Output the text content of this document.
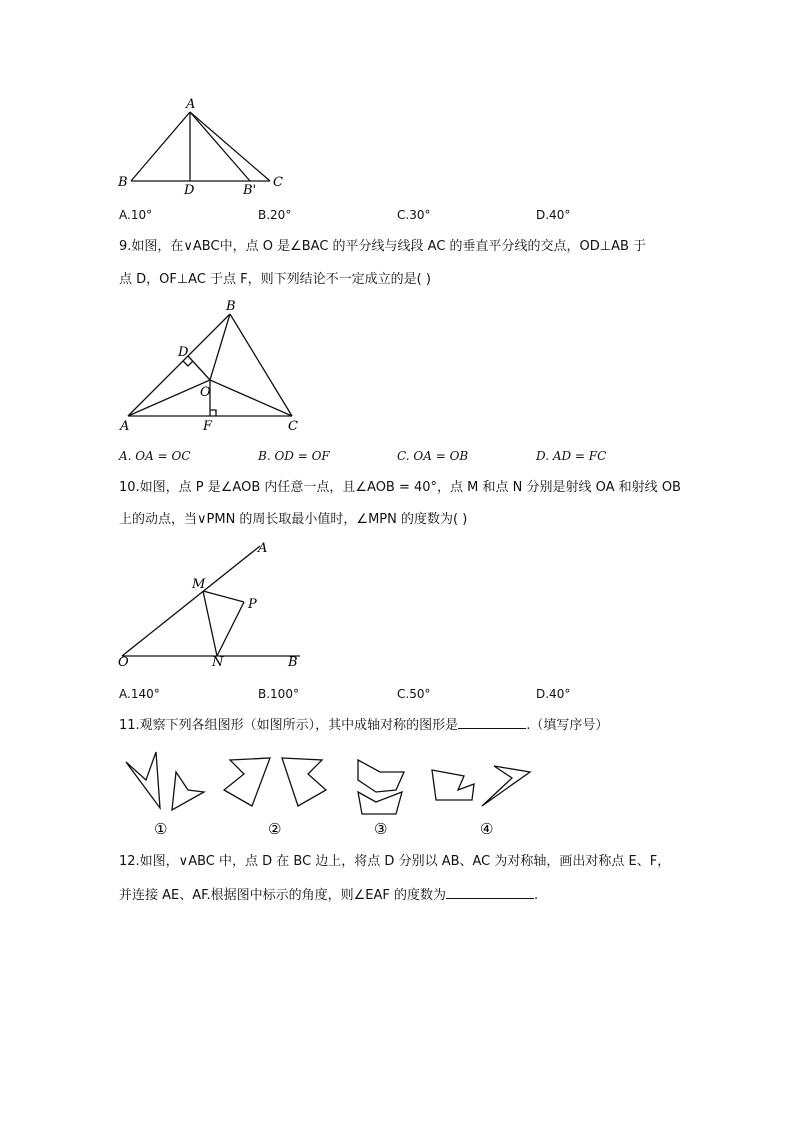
A
B	C
D	B'
A.10°	B.20°	C.30°	D.40°
9.如图，在∨ABC中，点 O 是∠BAC 的平分线与线段 AC 的垂直平分线的交点，OD⊥AB 于
点 D，OF⊥AC 于点 F，则下列结论不一定成立的是( )
B
D
O
A	F	C
A. OA = OC	B. OD = OF	C. OA = OB	D. AD = FC
10.如图，点 P 是∠AOB 内任意一点，且∠AOB = 40°，点 M 和点 N 分别是射线 OA 和射线 OB
上的动点，当∨PMN 的周长取最小值时，∠MPN 的度数为( )
A
M
P
O	N	B
A.140°	B.100°	C.50°	D.40°
11.观察下列各组图形（如图所示），其中成轴对称的图形是	.（填写序号）
①	②	③	④
12.如图，∨ABC 中，点 D 在 BC 边上，将点 D 分别以 AB、AC 为对称轴，画出对称点 E、F，
并连接 AE、AF.根据图中标示的角度，则∠EAF 的度数为	.
